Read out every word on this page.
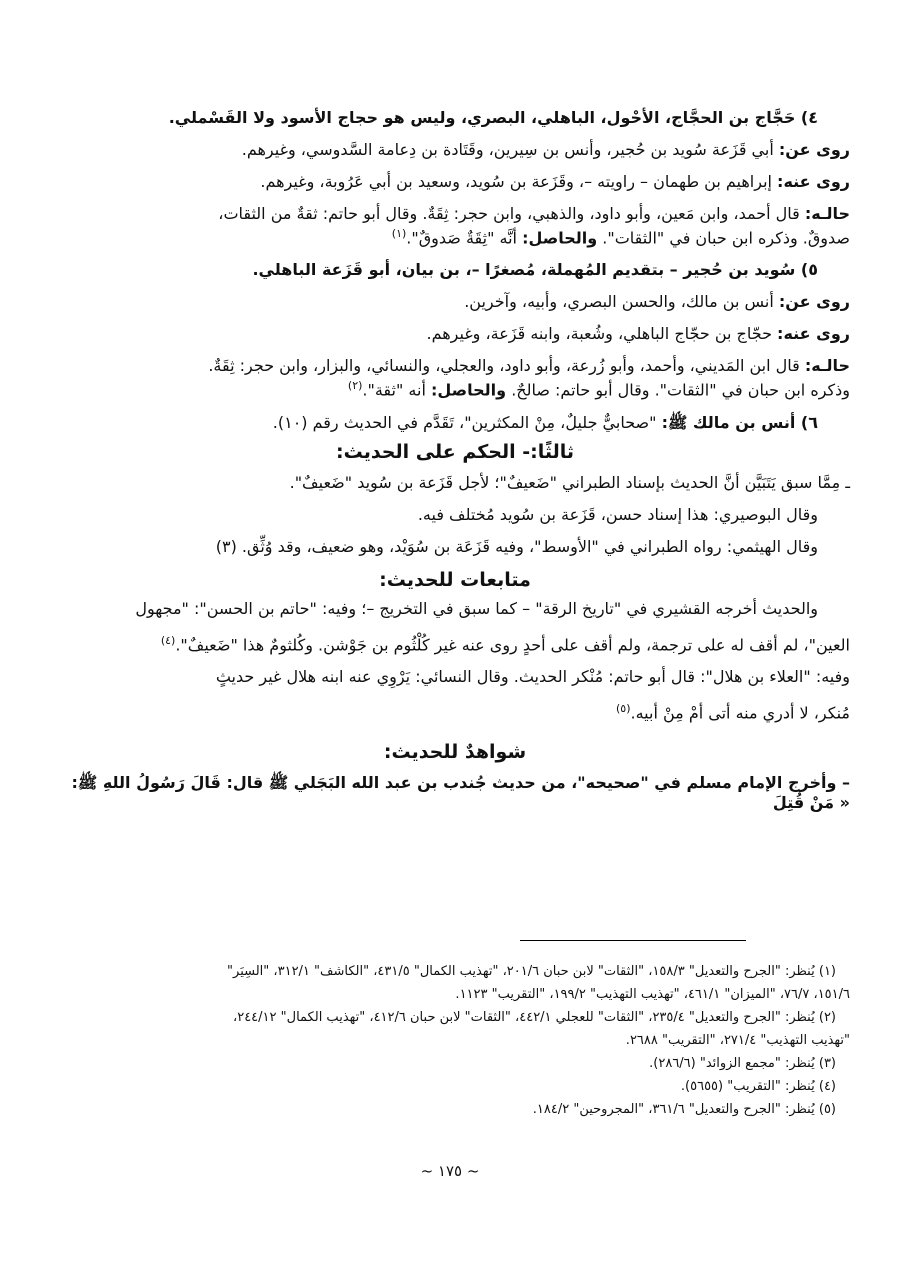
٤) حَجَّاج بن الحجَّاج، الأحْول، الباهلي، البصري، وليس هو حجاج الأسود ولا القَسْملي.

روى عن: أبي قَزَعة سُويد بن حُجير، وأنس بن سِيرين، وقَتَادة بن دِعامة السَّدوسي، وغيرهم.

روى عنه: إبراهيم بن طهمان – راويته –، وقَزَعة بن سُويد، وسعيد بن أبي عَرُوبة، وغيرهم.

حالـه: قال أحمد، وابن مَعين، وأبو داود، والذهبي، وابن حجر: ثِقَةٌ. وقال أبو حاتم: ثقةٌ من الثقات،

صدوقٌ. وذكره ابن حبان في "الثقات". والحاصل: أنَّه "ثِقَةٌ صَدوقٌ".$^{(١)}$

٥) سُويد بن حُجير – بتقديم المُهملة، مُصغرًا –، بن بيان، أبو قَزَعة الباهلي.

روى عن: أنس بن مالك، والحسن البصري، وأبيه، وآخرين.

روى عنه: حجّاج بن حجّاج الباهلي، وشُعبة، وابنه قَزَعة، وغيرهم.

حالـه: قال ابن المَديني، وأحمد، وأبو زُرعة، وأبو داود، والعجلي، والنسائي، والبزار، وابن حجر: ثِقَةٌ.

وذكره ابن حبان في "الثقات". وقال أبو حاتم: صالحٌ. والحاصل: أنه "ثقة".$^{(٢)}$

٦) أنس بن مالك ﷺ: "صحابيٌّ جليلٌ، مِنْ المكثرين"، تَقَدَّم في الحديث رقم (١٠).

ثالثًا:- الحكم على الحديث:

ـ مِمَّا سبق يَتَبَيَّن أنَّ الحديث بإسناد الطبراني "ضَعيفٌ"؛ لأجل قَزَعة بن سُويد "ضَعيفٌ".

وقال البوصيري: هذا إسناد حسن، قَزَعة بن سُويد مُختلف فيه.

وقال الهيثمي: رواه الطبراني في "الأوسط"، وفيه قَزَعَة بن سُوَيْد، وهو ضعيف، وقد وُثِّق. (٣)

متابعات للحديث:

والحديث أخرجه القشيري في "تاريخ الرقة" – كما سبق في التخريج –؛ وفيه: "حاتم بن الحسن": "مجهول

العين"، لم أقف له على ترجمة، ولم أقف على أحدٍ روى عنه غير كُلْثُوم بن جَوْشن. وكُلثومٌ هذا "ضَعيفٌ".$^{(٤)}$

وفيه: "العلاء بن هلال": قال أبو حاتم: مُنْكر الحديث. وقال النسائي: يَرْوِي عنه ابنه هلال غير حديثٍ

مُنكر، لا أدري منه أتى أمْ مِنْ أبيه.$^{(٥)}$

شواهدٌ للحديث:

– وأخرج الإمام مسلم في "صحيحه"، من حديث جُندب بن عبد الله البَجَلي ﷺ قال: قَالَ رَسُولُ اللهِ ﷺ: « مَنْ قُتِلَ

(١) يُنظر: "الجرح والتعديل" ١٥٨/٣، "الثقات" لابن حبان ٢٠١/٦، "تهذيب الكمال" ٤٣١/٥، "الكاشف" ٣١٢/١، "السِيَر"

١٥١/٦، ٧٦/٧، "الميزان" ٤٦١/١، "تهذيب التهذيب" ١٩٩/٢، "التقريب" ١١٢٣.

(٢) يُنظر: "الجرح والتعديل" ٢٣٥/٤، "الثقات" للعجلي ٤٤٢/١، "الثقات" لابن حبان ٤١٢/٦، "تهذيب الكمال" ٢٤٤/١٢،

"تهذيب التهذيب" ٢٧١/٤، "التقريب" ٢٦٨٨.

(٣) يُنظر: "مجمع الزوائد" (٢٨٦/٦).

(٤) يُنظر: "التقريب" (٥٦٥٥).

(٥) يُنظر: "الجرح والتعديل" ٣٦١/٦، "المجروحين" ١٨٤/٢.

~ ١٧٥ ~
